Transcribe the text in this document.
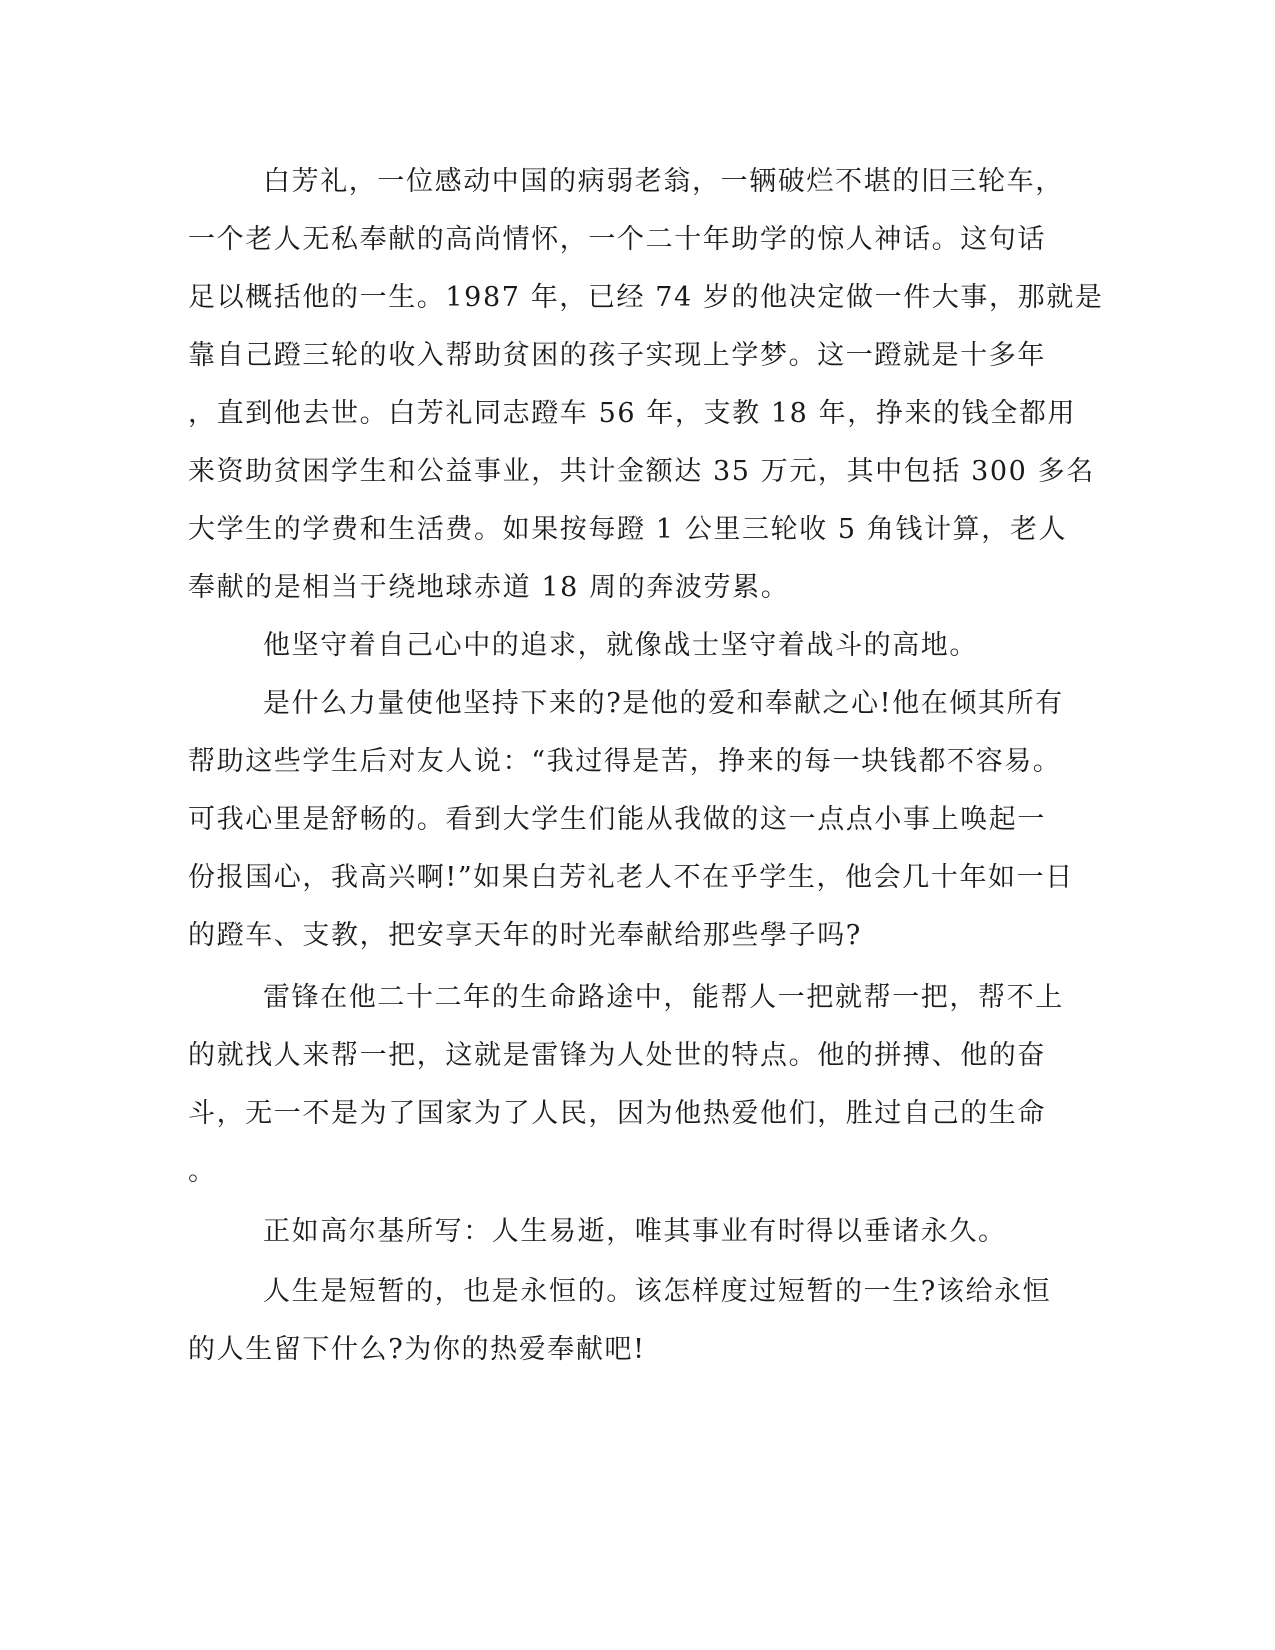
白芳礼，一位感动中国的病弱老翁，一辆破烂不堪的旧三轮车，
一个老人无私奉献的高尚情怀，一个二十年助学的惊人神话。这句话
足以概括他的一生。1987 年，已经 74 岁的他决定做一件大事，那就是
靠自己蹬三轮的收入帮助贫困的孩子实现上学梦。这一蹬就是十多年
，直到他去世。白芳礼同志蹬车 56 年，支教 18 年，挣来的钱全都用
来资助贫困学生和公益事业，共计金额达 35 万元，其中包括 300 多名
大学生的学费和生活费。如果按每蹬 1 公里三轮收 5 角钱计算，老人
奉献的是相当于绕地球赤道 18 周的奔波劳累。
他坚守着自己心中的追求，就像战士坚守着战斗的高地。
是什么力量使他坚持下来的?是他的爱和奉献之心!他在倾其所有
帮助这些学生后对友人说：“我过得是苦，挣来的每一块钱都不容易。
可我心里是舒畅的。看到大学生们能从我做的这一点点小事上唤起一
份报国心，我高兴啊!”如果白芳礼老人不在乎学生，他会几十年如一日
的蹬车、支教，把安享天年的时光奉献给那些學子吗?
雷锋在他二十二年的生命路途中，能帮人一把就帮一把，帮不上
的就找人来帮一把，这就是雷锋为人处世的特点。他的拼搏、他的奋
斗，无一不是为了国家为了人民，因为他热爱他们，胜过自己的生命
。
正如高尔基所写：人生易逝，唯其事业有时得以垂诸永久。
人生是短暂的，也是永恒的。该怎样度过短暂的一生?该给永恒
的人生留下什么?为你的热爱奉献吧!
